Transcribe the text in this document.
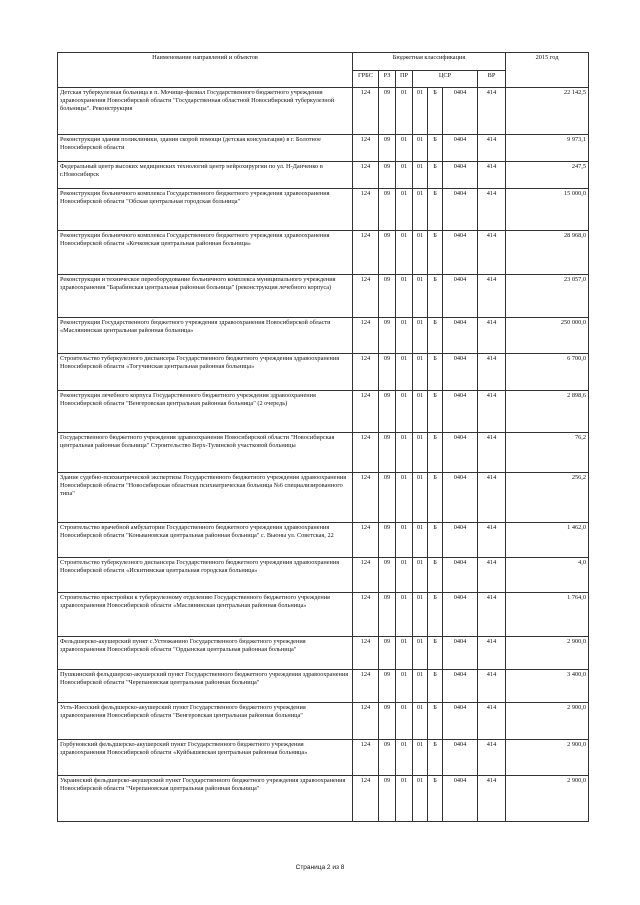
Наименование направлений и объектов	Бюджетная классификация							2015 год
	ГРБС	РЗ	ПР	ЦСР			ВР	
Детская туберкулезная больница в п. Мочище-филиал Государственного бюджетного учреждения здравоохранения Новосибирской области "Государственная областной Новосибирский туберкулезной больницы". Реконструкция	124	09	01	01	Б	0404	414	22 142,5
Реконструкция здания поликлиники, здания скорой помощи (детская консультация) в г. Болотное Новосибирской области	124	09	01	01	Б	0404	414	9 973,1
Федеральный центр высоких медицинских технологий центр нейрохирургии по ул. Н-Данченко в г.Новосибирск	124	09	01	01	Б	0404	414	247,5
Реконструкция больничного комплекса Государственного бюджетного учреждения здравоохранения Новосибирской области "Обская центральная городская больница"	124	09	01	01	Б	0404	414	15 000,0
Реконструкция больничного комплекса Государственного бюджетного учреждения здравоохранения Новосибирской области «Кочковская центральная районная больница»	124	09	01	01	Б	0404	414	28 968,0
Реконструкция и техническое переоборудование больничного комплекса муниципального учреждения здравоохранения "Барабинская центральная районная больница" (реконструкция лечебного корпуса)	124	09	01	01	Б	0404	414	23 057,0
Реконструкция Государственного бюджетного учреждения здравоохранения Новосибирской области «Маслянинская центральная районная больница»	124	09	01	01	Б	0404	414	250 000,0
Строительство туберкулезного диспансера Государственного бюджетного учреждения здравоохранения Новосибирской области «Тогучинская центральная районная больница»	124	09	01	01	Б	0404	414	6 700,0
Реконструкция лечебного корпуса Государственного бюджетного учреждения здравоохранения Новосибирской области "Венгеровская центральная районная больница" (2 очередь)	124	09	01	01	Б	0404	414	2 898,6
Государственного бюджетного учреждения здравоохранения Новосибирской области "Новосибирская центральная районная больница" Строительство Верх-Тулинской участковой больницы	124	09	01	01	Б	0404	414	76,2
Здание судебно-психиатрической экспертизы Государственного бюджетного учреждения здравоохранения Новосибирской области "Новосибирская областная психиатрическая больница №6 специализированного типа"	124	09	01	01	Б	0404	414	256,2
Строительство врачебной амбулатории Государственного бюджетного учреждения здравоохранения Новосибирской области "Коньвановская центральная районная больница" с. Вьюны ул. Советская, 22	124	09	01	01	Б	0404	414	1 462,0
Строительство туберкулезного диспансера Государственного бюджетного учреждения здравоохранения Новосибирской области «Искитимская центральная городская больница»	124	09	01	01	Б	0404	414	4,0
Строительство пристройки к туберкулезному отделению Государственного бюджетного учреждения здравоохранения Новосибирской области «Маслянинская центральная районная больница»	124	09	01	01	Б	0404	414	1 764,0
Фельдшерско-акушерский пункт с.Устюжанино Государственного бюджетного учреждения здравоохранения Новосибирской области "Ордынская центральная районная больница"	124	09	01	01	Б	0404	414	2 900,0
Пушкинский фельдшерско-акушерский пункт Государственного бюджетного учреждения здравоохранения Новосибирской области "Черепановская центральная районная больница"	124	09	01	01	Б	0404	414	3 400,0
Усть-Изесский фельдшерско-акушерский пункт Государственного бюджетного учреждения здравоохранения Новосибирской области "Венгеровская центральная районная больница"	124	09	01	01	Б	0404	414	2 900,0
Горбуновский фельдшерско-акушерский пункт Государственного бюджетного учреждения здравоохранения Новосибирской области «Куйбышевская центральная районная больница»	124	09	01	01	Б	0404	414	2 900,0
Украинский фельдшерско-акушерский пункт Государственного бюджетного учреждения здравоохранения Новосибирской области "Черепановская центральная районная больница"	124	09	01	01	Б	0404	414	2 900,0
Страница 2 из 8
